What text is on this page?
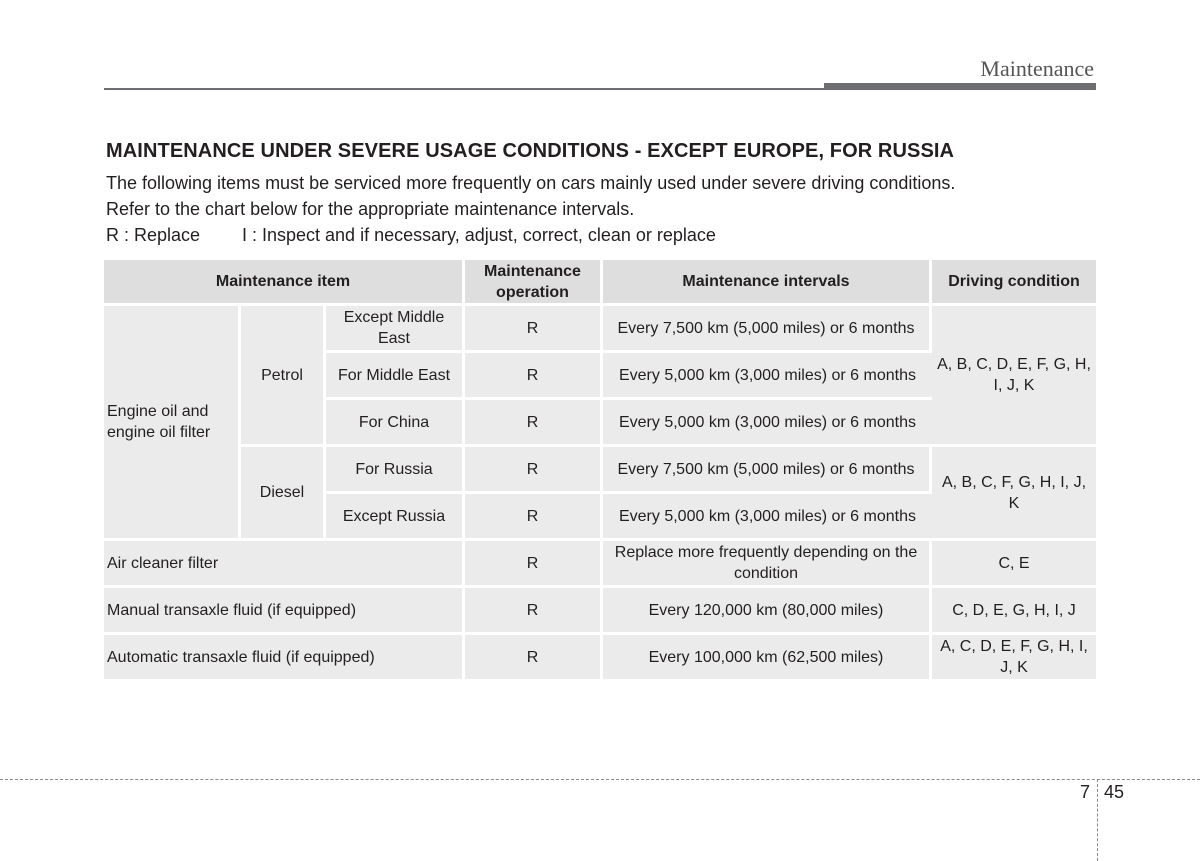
Maintenance
MAINTENANCE UNDER SEVERE USAGE CONDITIONS - EXCEPT EUROPE, FOR RUSSIA

The following items must be serviced more frequently on cars mainly used under severe driving conditions.

Refer to the chart below for the appropriate maintenance intervals.

R : Replace I : Inspect and if necessary, adjust, correct, clean or replace

Maintenance item			Maintenance operation	Maintenance intervals	Driving condition
Engine oil and engine oil filter	Petrol	Except Middle East	R	Every 7,500 km (5,000 miles) or 6 months	A, B, C, D, E, F, G, H, I, J, K
		For Middle East	R	Every 5,000 km (3,000 miles) or 6 months	
		For China	R	Every 5,000 km (3,000 miles) or 6 months	
	Diesel	For Russia	R	Every 7,500 km (5,000 miles) or 6 months	A, B, C, F, G, H, I, J, K
		Except Russia	R	Every 5,000 km (3,000 miles) or 6 months	
Air cleaner filter			R	Replace more frequently depending on the condition	C, E
Manual transaxle fluid (if equipped)			R	Every 120,000 km (80,000 miles)	C, D, E, G, H, I, J
Automatic transaxle fluid (if equipped)			R	Every 100,000 km (62,500 miles)	A, C, D, E, F, G, H, I, J, K
7 45
